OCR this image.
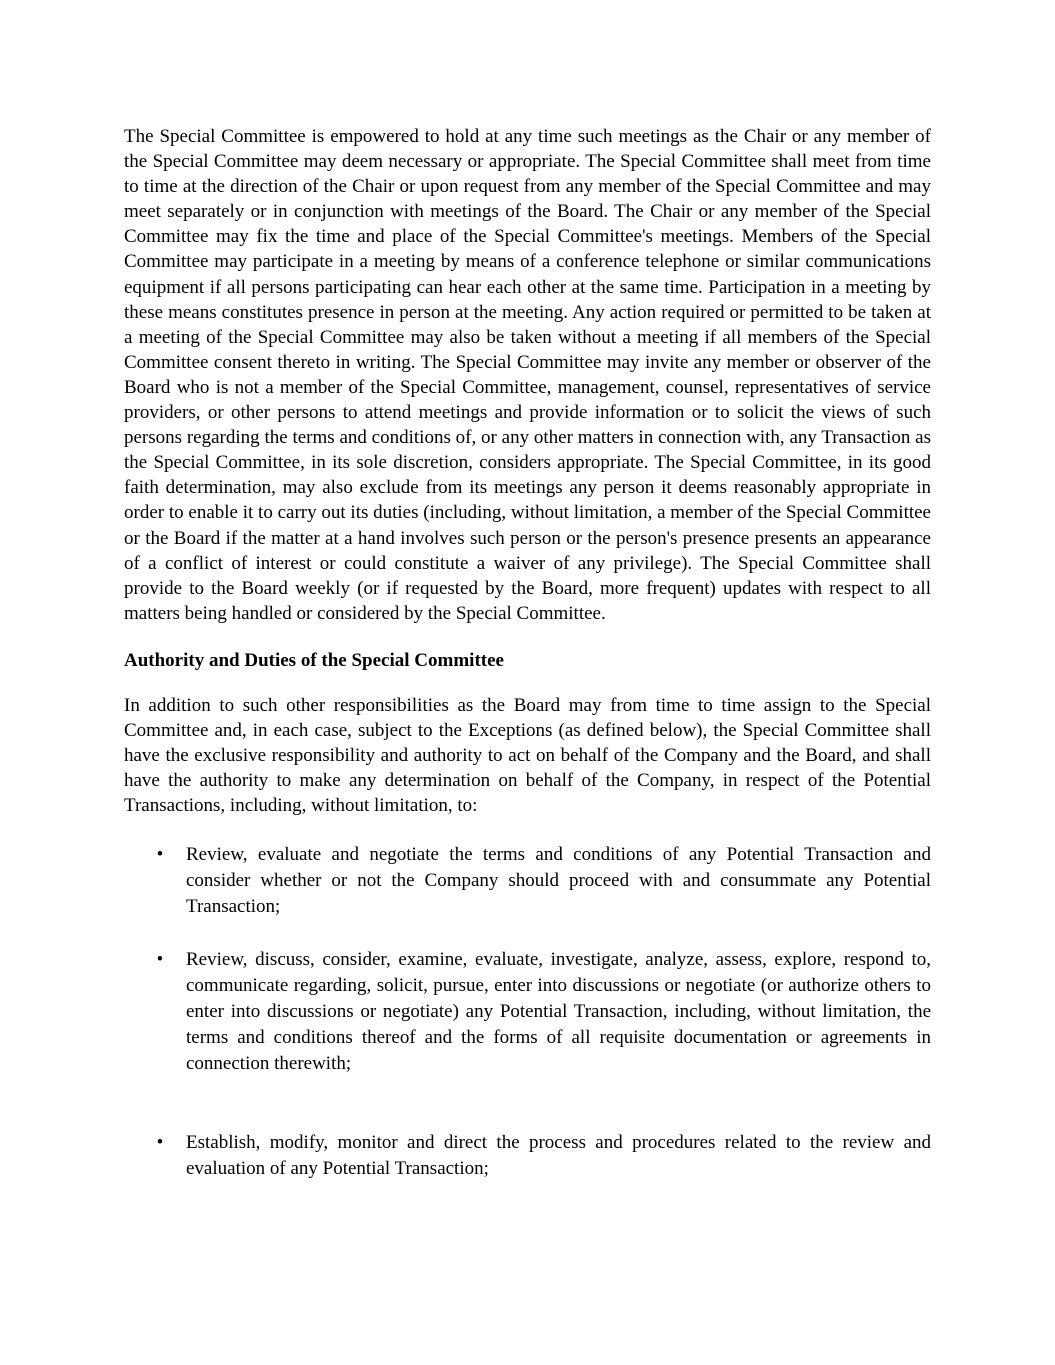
The Special Committee is empowered to hold at any time such meetings as the Chair or any member of the Special Committee may deem necessary or appropriate. The Special Committee shall meet from time to time at the direction of the Chair or upon request from any member of the Special Committee and may meet separately or in conjunction with meetings of the Board. The Chair or any member of the Special Committee may fix the time and place of the Special Committee's meetings. Members of the Special Committee may participate in a meeting by means of a conference telephone or similar communications equipment if all persons participating can hear each other at the same time. Participation in a meeting by these means constitutes presence in person at the meeting. Any action required or permitted to be taken at a meeting of the Special Committee may also be taken without a meeting if all members of the Special Committee consent thereto in writing. The Special Committee may invite any member or observer of the Board who is not a member of the Special Committee, management, counsel, representatives of service providers, or other persons to attend meetings and provide information or to solicit the views of such persons regarding the terms and conditions of, or any other matters in connection with, any Transaction as the Special Committee, in its sole discretion, considers appropriate. The Special Committee, in its good faith determination, may also exclude from its meetings any person it deems reasonably appropriate in order to enable it to carry out its duties (including, without limitation, a member of the Special Committee or the Board if the matter at a hand involves such person or the person's presence presents an appearance of a conflict of interest or could constitute a waiver of any privilege). The Special Committee shall provide to the Board weekly (or if requested by the Board, more frequent) updates with respect to all matters being handled or considered by the Special Committee.

Authority and Duties of the Special Committee

In addition to such other responsibilities as the Board may from time to time assign to the Special Committee and, in each case, subject to the Exceptions (as defined below), the Special Committee shall have the exclusive responsibility and authority to act on behalf of the Company and the Board, and shall have the authority to make any determination on behalf of the Company, in respect of the Potential Transactions, including, without limitation, to:

• Review, evaluate and negotiate the terms and conditions of any Potential Transaction and consider whether or not the Company should proceed with and consummate any Potential Transaction;
• Review, discuss, consider, examine, evaluate, investigate, analyze, assess, explore, respond to, communicate regarding, solicit, pursue, enter into discussions or negotiate (or authorize others to enter into discussions or negotiate) any Potential Transaction, including, without limitation, the terms and conditions thereof and the forms of all requisite documentation or agreements in connection therewith;
• Establish, modify, monitor and direct the process and procedures related to the review and evaluation of any Potential Transaction;
